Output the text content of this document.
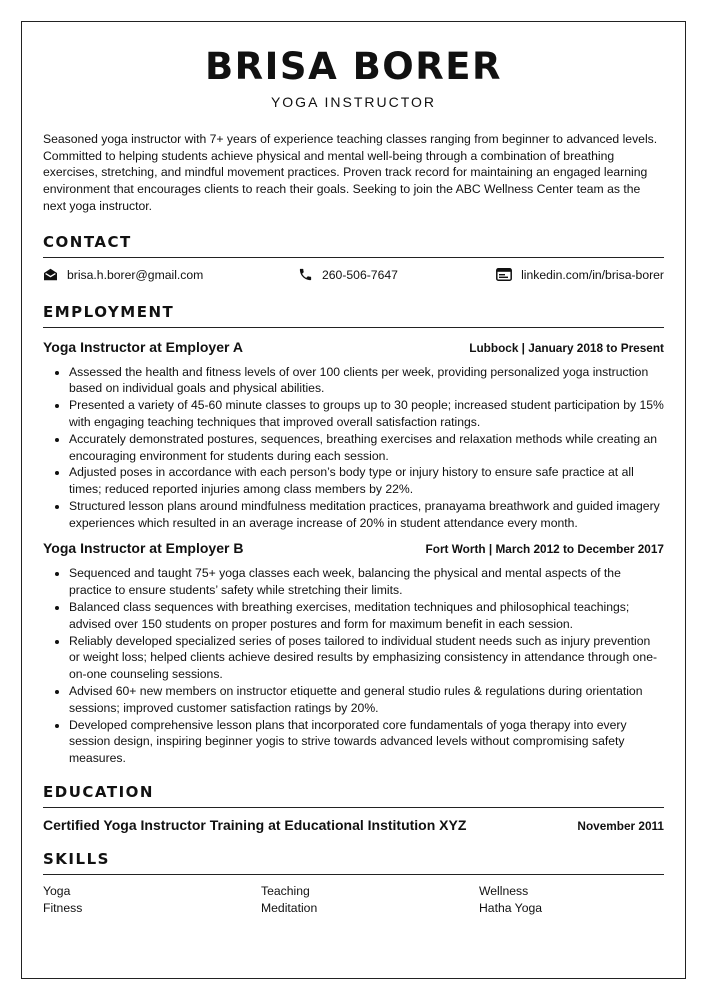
BRISA BORER
YOGA INSTRUCTOR

Seasoned yoga instructor with 7+ years of experience teaching classes ranging from beginner to advanced levels. Committed to helping students achieve physical and mental well-being through a combination of breathing exercises, stretching, and mindful movement practices. Proven track record for maintaining an engaged learning environment that encourages clients to reach their goals. Seeking to join the ABC Wellness Center team as the next yoga instructor.

CONTACT
brisa.h.borer@gmail.com	260-506-7647	linkedin.com/in/brisa-borer
EMPLOYMENT
Yoga Instructor at Employer A	Lubbock | January 2018 to Present
• Assessed the health and fitness levels of over 100 clients per week, providing personalized yoga instruction based on individual goals and physical abilities.
• Presented a variety of 45-60 minute classes to groups up to 30 people; increased student participation by 15% with engaging teaching techniques that improved overall satisfaction ratings.
• Accurately demonstrated postures, sequences, breathing exercises and relaxation methods while creating an encouraging environment for students during each session.
• Adjusted poses in accordance with each person’s body type or injury history to ensure safe practice at all times; reduced reported injuries among class members by 22%.
• Structured lesson plans around mindfulness meditation practices, pranayama breathwork and guided imagery experiences which resulted in an average increase of 20% in student attendance every month.
Yoga Instructor at Employer B	Fort Worth | March 2012 to December 2017
• Sequenced and taught 75+ yoga classes each week, balancing the physical and mental aspects of the practice to ensure students’ safety while stretching their limits.
• Balanced class sequences with breathing exercises, meditation techniques and philosophical teachings; advised over 150 students on proper postures and form for maximum benefit in each session.
• Reliably developed specialized series of poses tailored to individual student needs such as injury prevention or weight loss; helped clients achieve desired results by emphasizing consistency in attendance through one-on-one counseling sessions.
• Advised 60+ new members on instructor etiquette and general studio rules & regulations during orientation sessions; improved customer satisfaction ratings by 20%.
• Developed comprehensive lesson plans that incorporated core fundamentals of yoga therapy into every session design, inspiring beginner yogis to strive towards advanced levels without compromising safety measures.
EDUCATION
Certified Yoga Instructor Training at Educational Institution XYZ	November 2011
SKILLS
Yoga	Teaching	Wellness
Fitness	Meditation	Hatha Yoga
